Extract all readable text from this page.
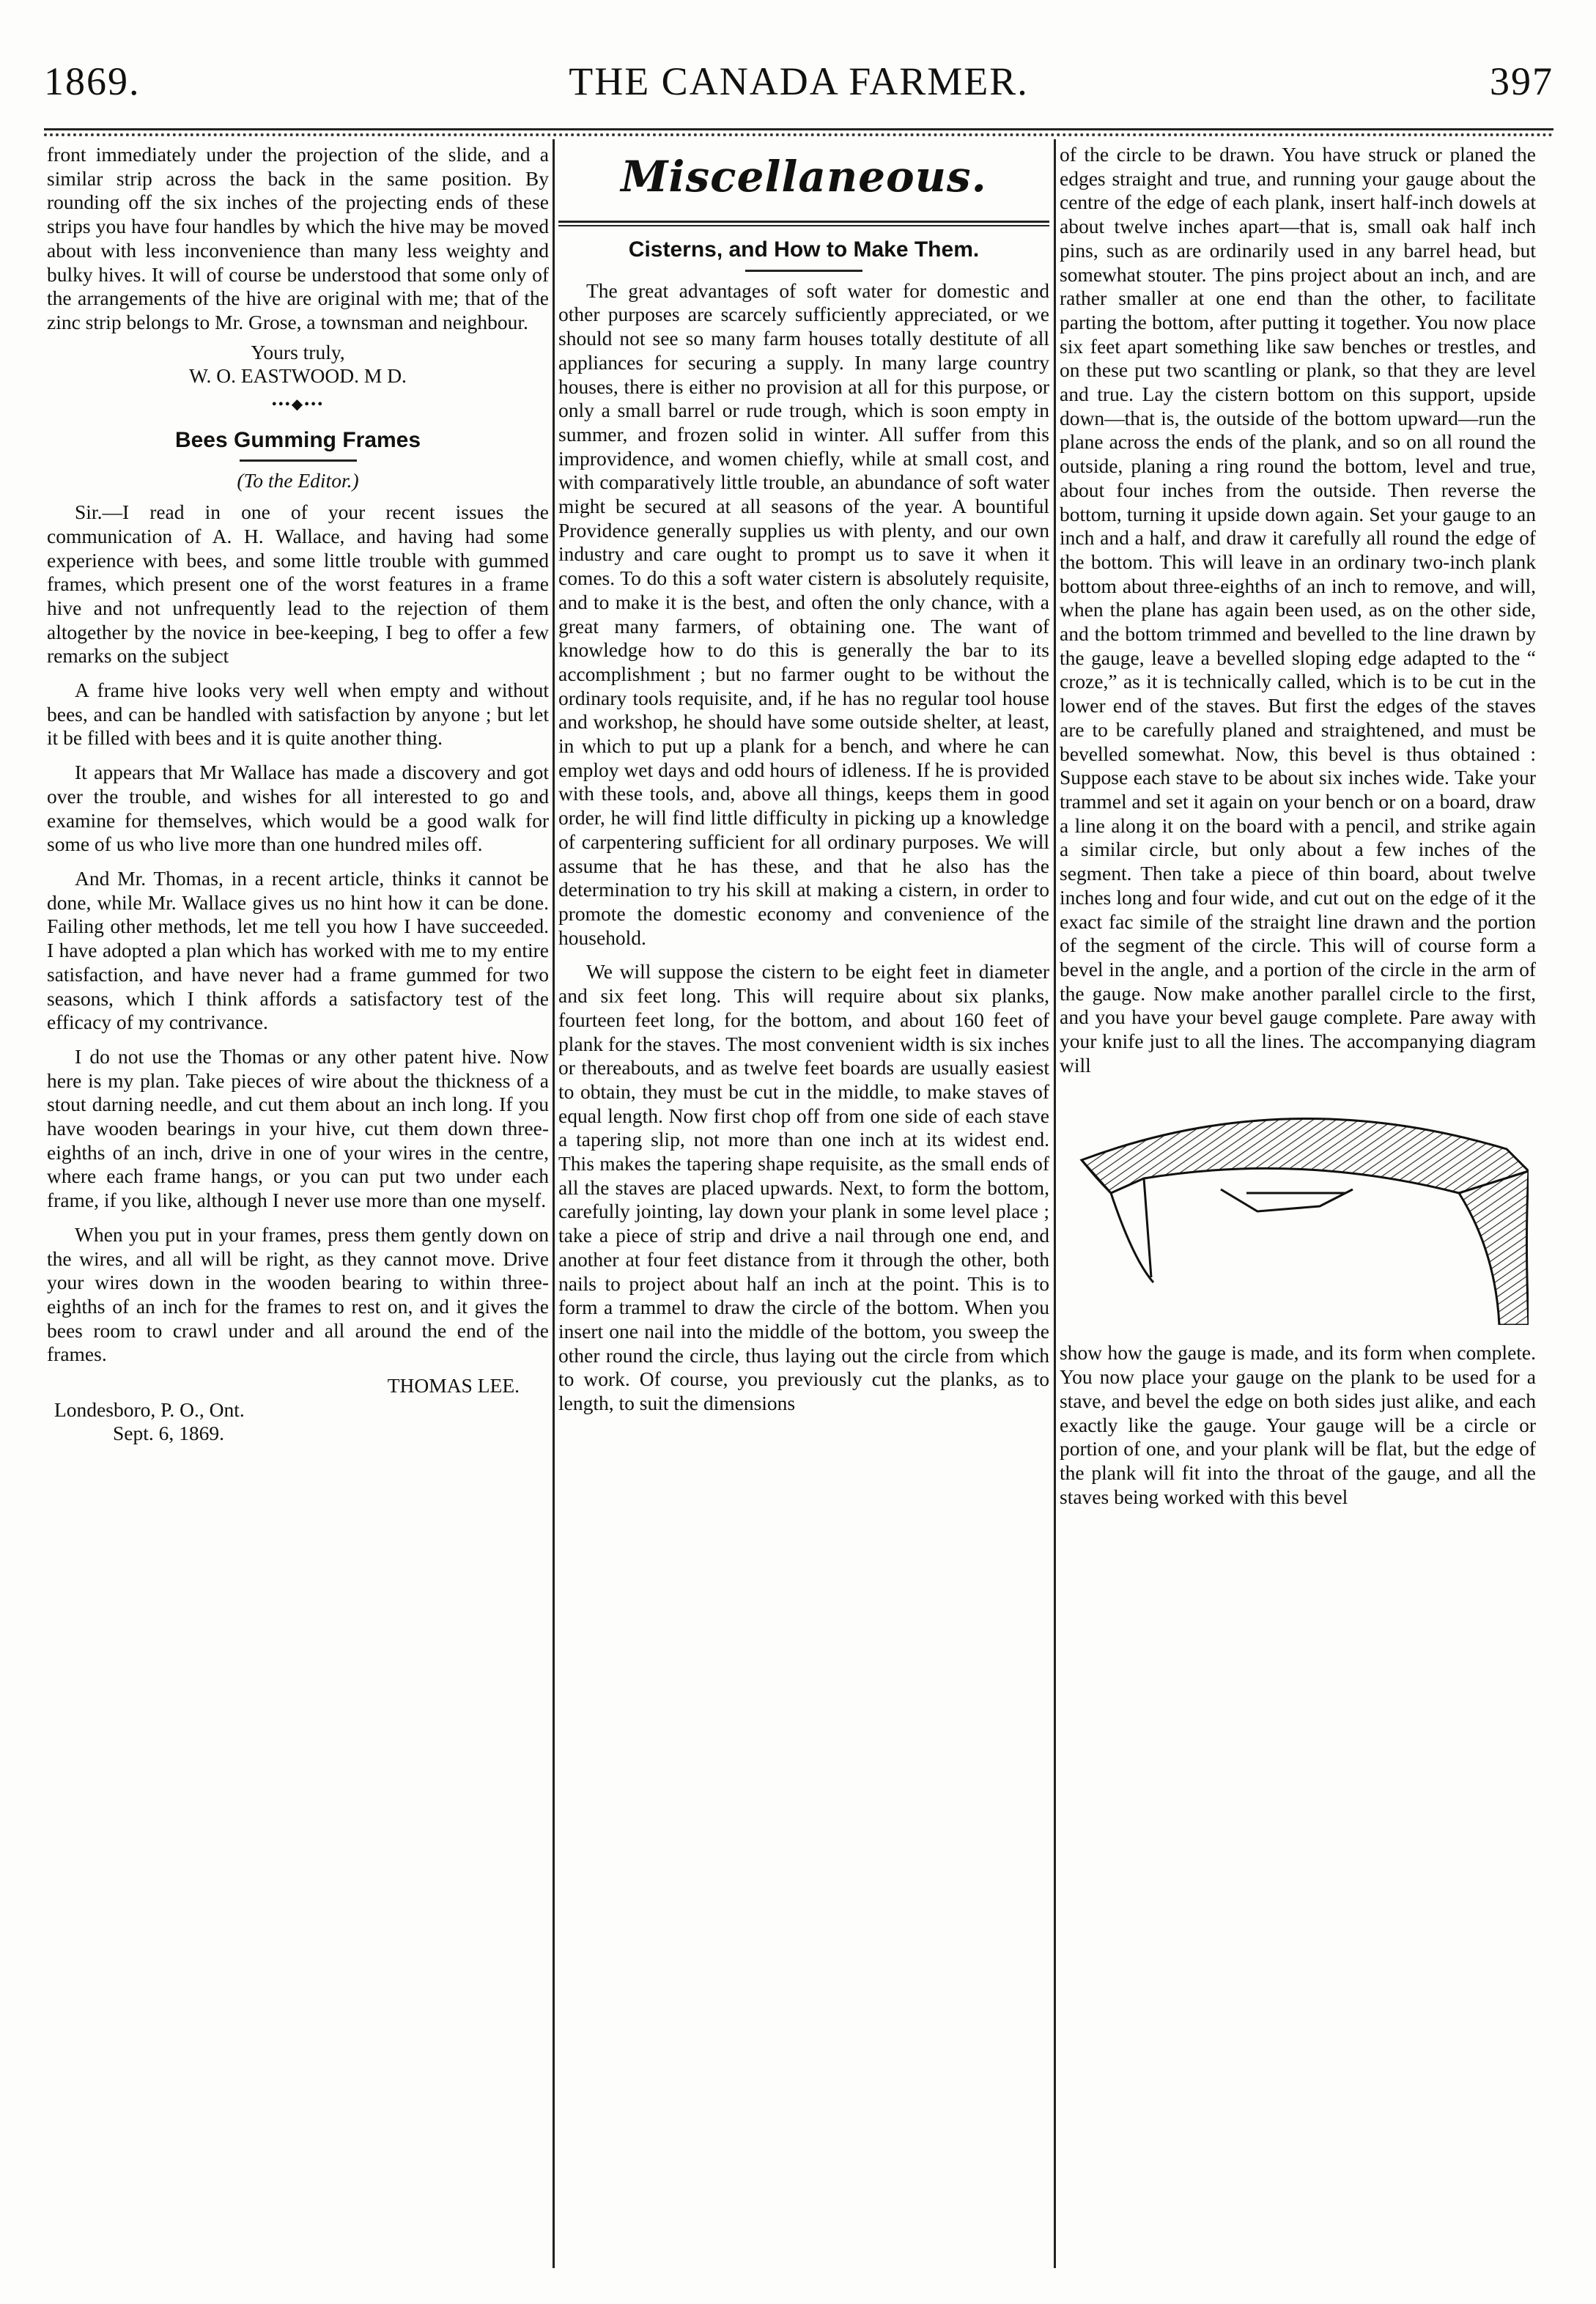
THE CANADA FARMER.
1869.	397

front immediately under the projection of the slide, and a similar strip across the back in the same position. By rounding off the six inches of the projecting ends of these strips you have four handles by which the hive may be moved about with less inconvenience than many less weighty and bulky hives. It will of course be understood that some only of the arrangements of the hive are original with me; that of the zinc strip belongs to Mr. Grose, a townsman and neighbour.

Yours truly,
W. O. EASTWOOD. M D.
•••◆•••
Bees Gumming Frames
(To the Editor.)

Sir.—I read in one of your recent issues the communication of A. H. Wallace, and having had some experience with bees, and some little trouble with gummed frames, which present one of the worst features in a frame hive and not unfrequently lead to the rejection of them altogether by the novice in bee-keeping, I beg to offer a few remarks on the subject

A frame hive looks very well when empty and without bees, and can be handled with satisfaction by anyone ; but let it be filled with bees and it is quite another thing.

It appears that Mr Wallace has made a discovery and got over the trouble, and wishes for all interested to go and examine for themselves, which would be a good walk for some of us who live more than one hundred miles off.

And Mr. Thomas, in a recent article, thinks it cannot be done, while Mr. Wallace gives us no hint how it can be done. Failing other methods, let me tell you how I have succeeded. I have adopted a plan which has worked with me to my entire satisfaction, and have never had a frame gummed for two seasons, which I think affords a satisfactory test of the efficacy of my contrivance.

I do not use the Thomas or any other patent hive. Now here is my plan. Take pieces of wire about the thickness of a stout darning needle, and cut them about an inch long. If you have wooden bearings in your hive, cut them down three-eighths of an inch, drive in one of your wires in the centre, where each frame hangs, or you can put two under each frame, if you like, although I never use more than one myself.

When you put in your frames, press them gently down on the wires, and all will be right, as they cannot move. Drive your wires down in the wooden bearing to within three-eighths of an inch for the frames to rest on, and it gives the bees room to crawl under and all around the end of the frames.

THOMAS LEE.
Londesboro, P. O., Ont.
Sept. 6, 1869.
Miscellaneous.
Cisterns, and How to Make Them.

The great advantages of soft water for domestic and other purposes are scarcely sufficiently appreciated, or we should not see so many farm houses totally destitute of all appliances for securing a supply. In many large country houses, there is either no provision at all for this purpose, or only a small barrel or rude trough, which is soon empty in summer, and frozen solid in winter. All suffer from this improvidence, and women chiefly, while at small cost, and with comparatively little trouble, an abundance of soft water might be secured at all seasons of the year. A bountiful Providence generally supplies us with plenty, and our own industry and care ought to prompt us to save it when it comes. To do this a soft water cistern is absolutely requisite, and to make it is the best, and often the only chance, with a great many farmers, of obtaining one. The want of knowledge how to do this is generally the bar to its accomplishment ; but no farmer ought to be without the ordinary tools requisite, and, if he has no regular tool house and workshop, he should have some outside shelter, at least, in which to put up a plank for a bench, and where he can employ wet days and odd hours of idleness. If he is provided with these tools, and, above all things, keeps them in good order, he will find little difficulty in picking up a knowledge of carpentering sufficient for all ordinary purposes. We will assume that he has these, and that he also has the determination to try his skill at making a cistern, in order to promote the domestic economy and convenience of the household.

We will suppose the cistern to be eight feet in diameter and six feet long. This will require about six planks, fourteen feet long, for the bottom, and about 160 feet of plank for the staves. The most convenient width is six inches or thereabouts, and as twelve feet boards are usually easiest to obtain, they must be cut in the middle, to make staves of equal length. Now first chop off from one side of each stave a tapering slip, not more than one inch at its widest end. This makes the tapering shape requisite, as the small ends of all the staves are placed upwards. Next, to form the bottom, carefully jointing, lay down your plank in some level place ; take a piece of strip and drive a nail through one end, and another at four feet distance from it through the other, both nails to project about half an inch at the point. This is to form a trammel to draw the circle of the bottom. When you insert one nail into the middle of the bottom, you sweep the other round the circle, thus laying out the circle from which to work. Of course, you previously cut the planks, as to length, to suit the dimensions

of the circle to be drawn. You have struck or planed the edges straight and true, and running your gauge about the centre of the edge of each plank, insert half-inch dowels at about twelve inches apart—that is, small oak half inch pins, such as are ordinarily used in any barrel head, but somewhat stouter. The pins project about an inch, and are rather smaller at one end than the other, to facilitate parting the bottom, after putting it together. You now place six feet apart something like saw benches or trestles, and on these put two scantling or plank, so that they are level and true. Lay the cistern bottom on this support, upside down—that is, the outside of the bottom upward—run the plane across the ends of the plank, and so on all round the outside, planing a ring round the bottom, level and true, about four inches from the outside. Then reverse the bottom, turning it upside down again. Set your gauge to an inch and a half, and draw it carefully all round the edge of the bottom. This will leave in an ordinary two-inch plank bottom about three-eighths of an inch to remove, and will, when the plane has again been used, as on the other side, and the bottom trimmed and bevelled to the line drawn by the gauge, leave a bevelled sloping edge adapted to the “ croze,” as it is technically called, which is to be cut in the lower end of the staves. But first the edges of the staves are to be carefully planed and straightened, and must be bevelled somewhat. Now, this bevel is thus obtained : Suppose each stave to be about six inches wide. Take your trammel and set it again on your bench or on a board, draw a line along it on the board with a pencil, and strike again a similar circle, but only about a few inches of the segment. Then take a piece of thin board, about twelve inches long and four wide, and cut out on the edge of it the exact fac simile of the straight line drawn and the portion of the segment of the circle. This will of course form a bevel in the angle, and a portion of the circle in the arm of the gauge. Now make another parallel circle to the first, and you have your bevel gauge complete. Pare away with your knife just to all the lines. The accompanying diagram will

show how the gauge is made, and its form when complete. You now place your gauge on the plank to be used for a stave, and bevel the edge on both sides just alike, and each exactly like the gauge. Your gauge will be a circle or portion of one, and your plank will be flat, but the edge of the plank will fit into the throat of the gauge, and all the staves being worked with this bevel
